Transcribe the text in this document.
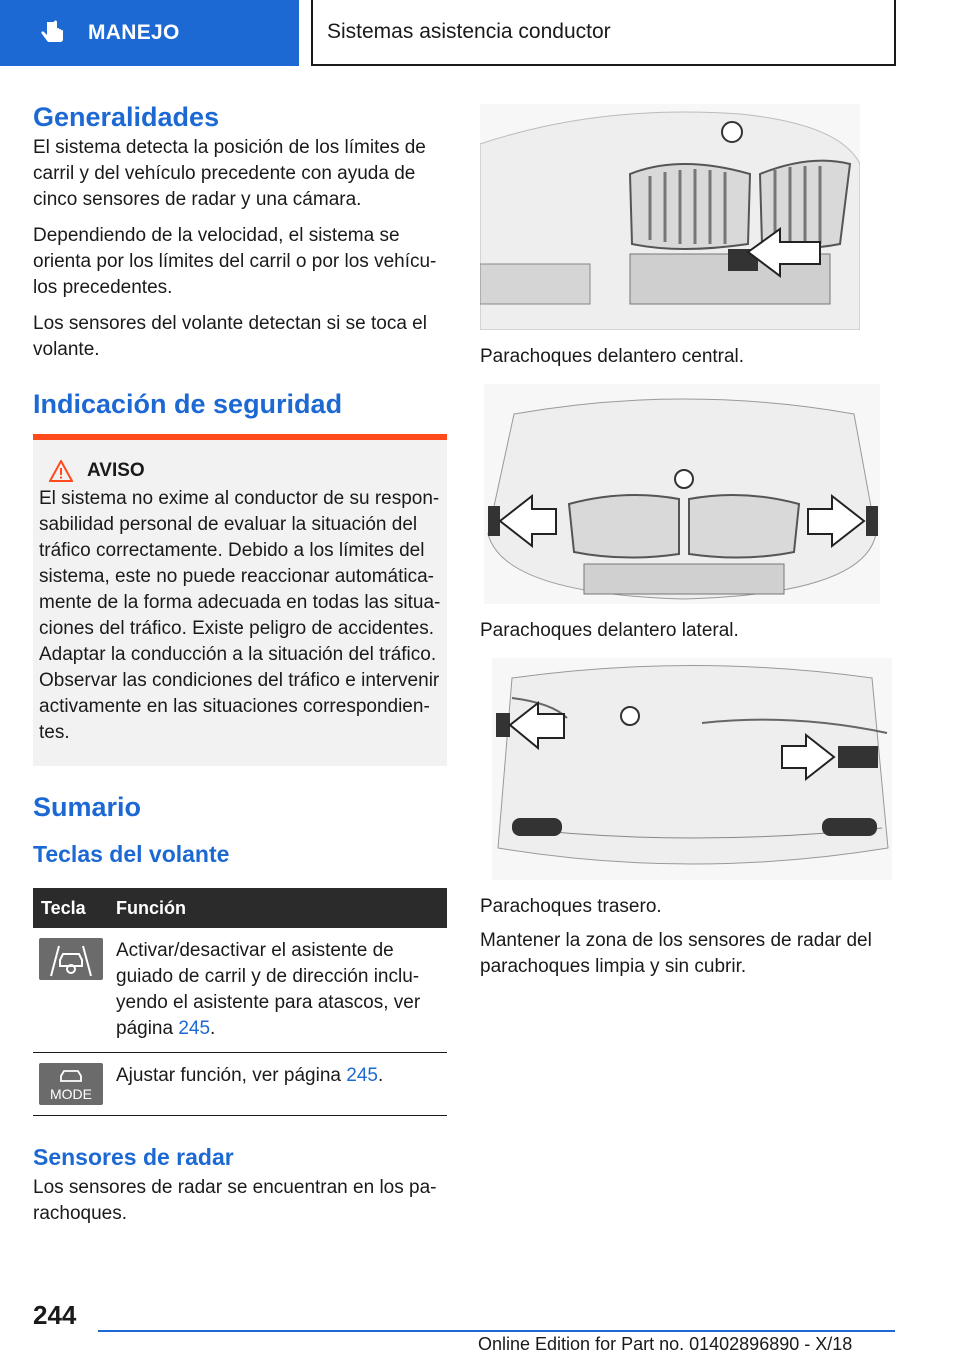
MANEJO	Sistemas asistencia conductor
Generalidades

El sistema detecta la posición de los límites de carril y del vehículo precedente con ayuda de cinco sensores de radar y una cámara.

Dependiendo de la velocidad, el sistema se orienta por los límites del carril o por los vehícu‐ los precedentes.

Los sensores del volante detectan si se toca el volante.

Indicación de seguridad
AVISO

El sistema no exime al conductor de su respon‐ sabilidad personal de evaluar la situación del tráfico correctamente. Debido a los límites del sistema, este no puede reaccionar automática‐ mente de la forma adecuada en todas las situa‐ ciones del tráfico. Existe peligro de accidentes. Adaptar la conducción a la situación del tráfico. Observar las condiciones del tráfico e intervenir activamente en las situaciones correspondien‐ tes.

Sumario
Teclas del volante
Tecla	Función

	Activar/desactivar el asistente de guiado de carril y de dirección inclu‐ yendo el asistente para atascos, ver página 245.

MODE	Ajustar función, ver página 245.
Sensores de radar

Los sensores de radar se encuentran en los pa‐ rachoques.

Parachoques delantero central.

Parachoques delantero lateral.

Parachoques trasero.

Mantener la zona de los sensores de radar del parachoques limpia y sin cubrir.

244
Online Edition for Part no. 01402896890 - X/18
